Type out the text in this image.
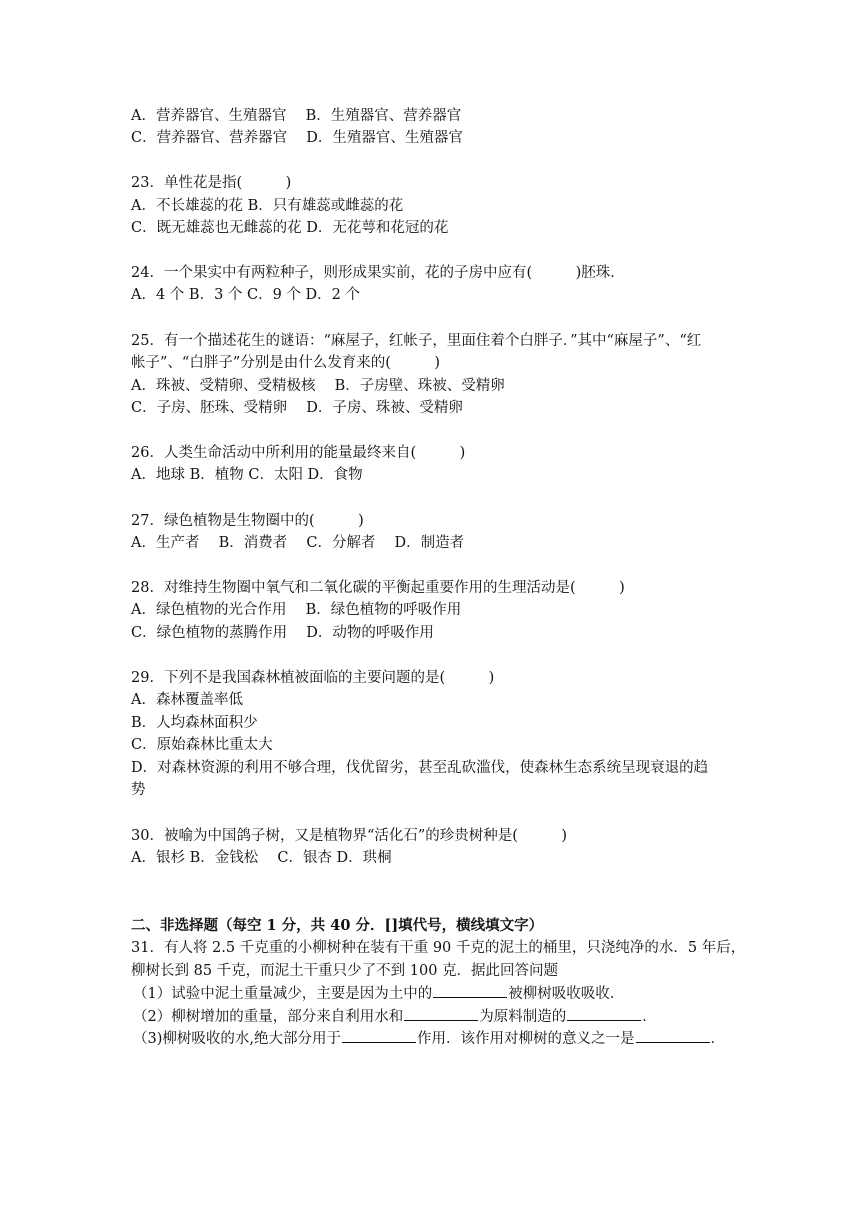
A．营养器官、生殖器官　 B．生殖器官、营养器官
C．营养器官、营养器官　 D．生殖器官、生殖器官
23．单性花是指(　　　)
A．不长雄蕊的花 B．只有雄蕊或雌蕊的花
C．既无雄蕊也无雌蕊的花 D．无花萼和花冠的花
24．一个果实中有两粒种子，则形成果实前，花的子房中应有(　　　)胚珠．
A．4 个 B．3 个 C．9 个 D．2 个
25．有一个描述花生的谜语：“麻屋子，红帐子，里面住着个白胖子．”其中“麻屋子”、“红
帐子”、“白胖子”分别是由什么发育来的(　　　)
A．珠被、受精卵、受精极核　 B．子房壁、珠被、受精卵
C．子房、胚珠、受精卵　 D．子房、珠被、受精卵
26．人类生命活动中所利用的能量最终来自(　　　)
A．地球 B．植物 C．太阳 D．食物
27．绿色植物是生物圈中的(　　　)
A．生产者　 B．消费者　 C．分解者　 D．制造者
28．对维持生物圈中氧气和二氧化碳的平衡起重要作用的生理活动是(　　　)
A．绿色植物的光合作用　 B．绿色植物的呼吸作用
C．绿色植物的蒸腾作用　 D．动物的呼吸作用
29．下列不是我国森林植被面临的主要问题的是(　　　)
A．森林覆盖率低
B．人均森林面积少
C．原始森林比重太大
D．对森林资源的利用不够合理，伐优留劣，甚至乱砍滥伐，使森林生态系统呈现衰退的趋
势
30．被喻为中国鸽子树，又是植物界“活化石”的珍贵树种是(　　　)
A．银杉 B．金钱松　 C．银杏 D．珙桐
二、非选择题（每空 1 分，共 40 分．[]填代号，横线填文字）
31．有人将 2.5 千克重的小柳树种在装有干重 90 千克的泥土的桶里，只浇纯净的水．5 年后，
柳树长到 85 千克，而泥土干重只少了不到 100 克．据此回答问题
（1）试验中泥土重量减少，主要是因为土中的	被柳树吸收吸收．
（2）柳树增加的重量，部分来自利用水和	为原料制造的	．
（3)柳树吸收的水,绝大部分用于	作用．该作用对柳树的意义之一是	．
